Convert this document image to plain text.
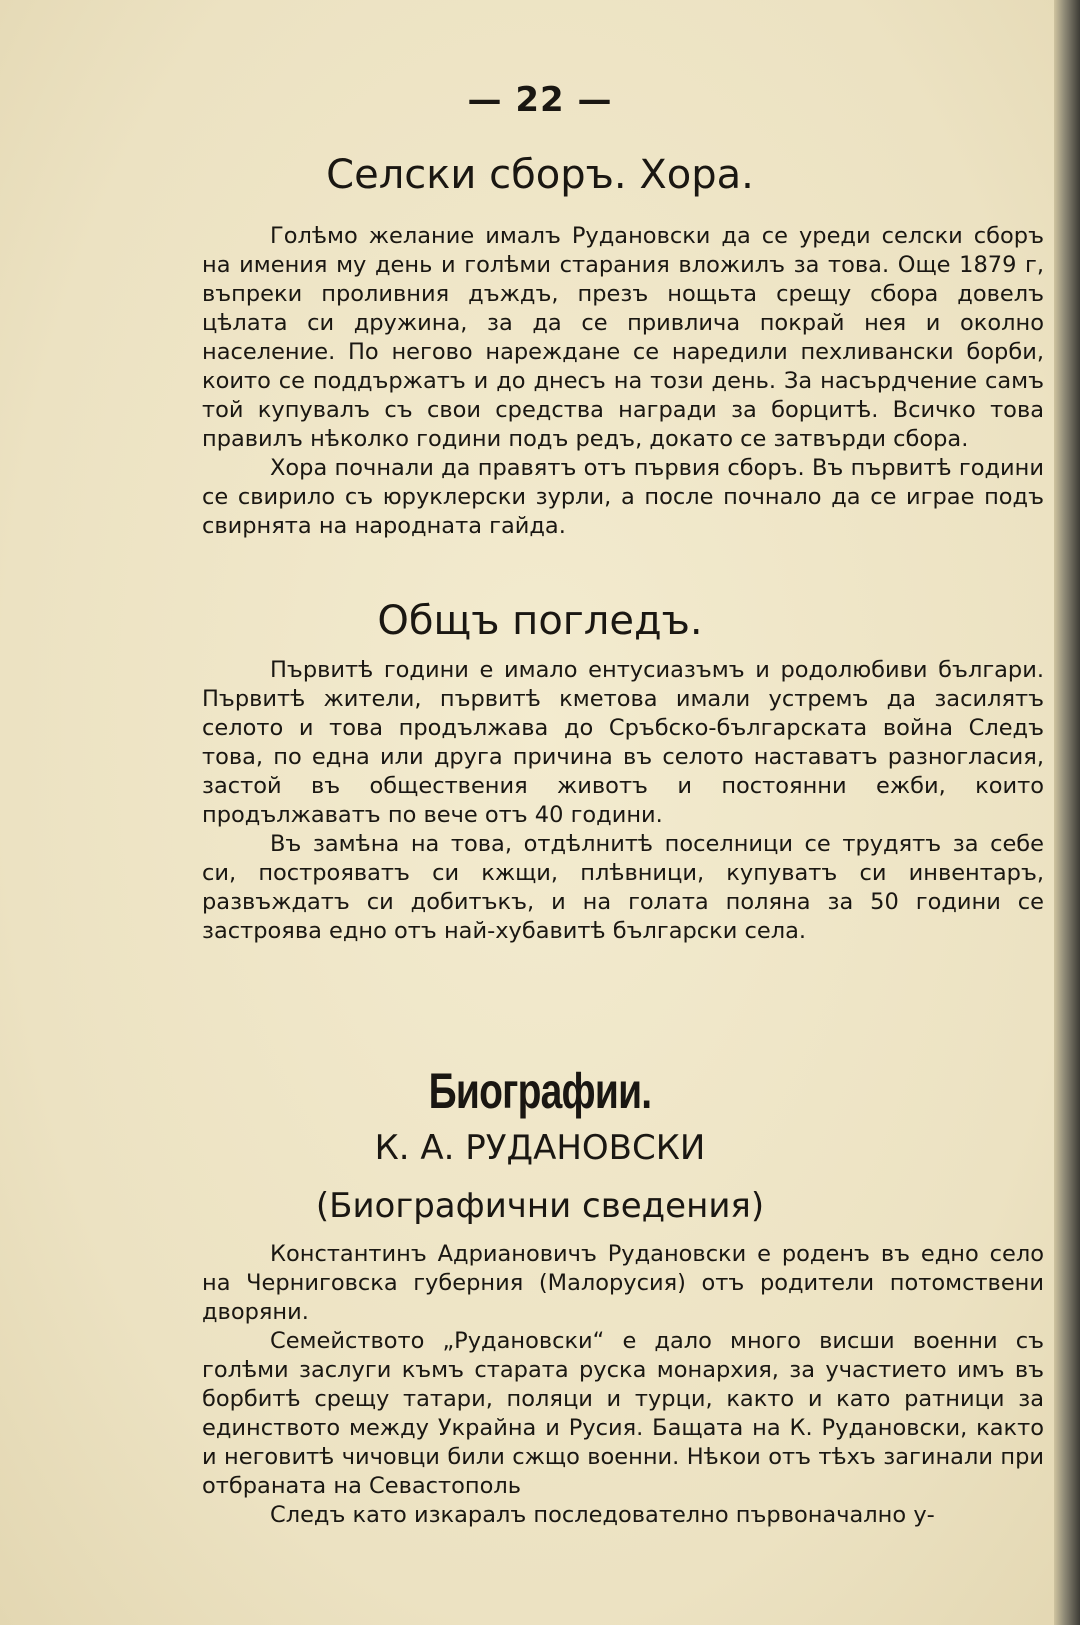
— 22 —
Селски сборъ. Хора.

Голѣмо желание ималъ Рудановски да се уреди селски сборъ на имения му день и голѣми старания вложилъ за това. Още 1879 г, въпреки проливния дъждъ, презъ нощьта срещу сбора довелъ цѣлата си дружина, за да се привлича покрай нея и околно население. По негово нареждане се наредили пехливански борби, които се поддържатъ и до днесъ на този день. За насърдчение самъ той купувалъ съ свои средства награди за борцитѣ. Всичко това правилъ нѣколко години подъ редъ, докато се затвърди сбора.

Хора почнали да правятъ отъ първия сборъ. Въ първитѣ години се свирило съ юруклерски зурли, а после почнало да се играе подъ свирнята на народната гайда.

Общъ погледъ.

Първитѣ години е имало ентусиазъмъ и родолюбиви българи. Първитѣ жители, първитѣ кметова имали устремъ да засилятъ селото и това продължава до Сръбско-българската война Следъ това, по една или друга причина въ селото наставатъ разногласия, застой въ обществения животъ и постоянни ежби, които продължаватъ по вече отъ 40 години.

Въ замѣна на това, отдѣлнитѣ поселници се трудятъ за себе си, построяватъ си кжщи, плѣвници, купуватъ си инвентаръ, развъждатъ си добитъкъ, и на голата поляна за 50 години се застроява едно отъ най-хубавитѣ български села.

Биографии.
К. А. РУДАНОВСКИ
(Биографични сведения)

Константинъ Адриановичъ Рудановски е роденъ въ едно село на Черниговска губерния (Малорусия) отъ родители потомствени дворяни.

Семейството „Рудановски“ е дало много висши военни съ голѣми заслуги къмъ старата руска монархия, за участието имъ въ борбитѣ срещу татари, поляци и турци, както и като ратници за единството между Украйна и Русия. Бащата на К. Рудановски, както и неговитѣ чичовци били сжщо военни. Нѣкои отъ тѣхъ загинали при отбраната на Севастополь

Следъ като изкаралъ последователно първоначално у-
